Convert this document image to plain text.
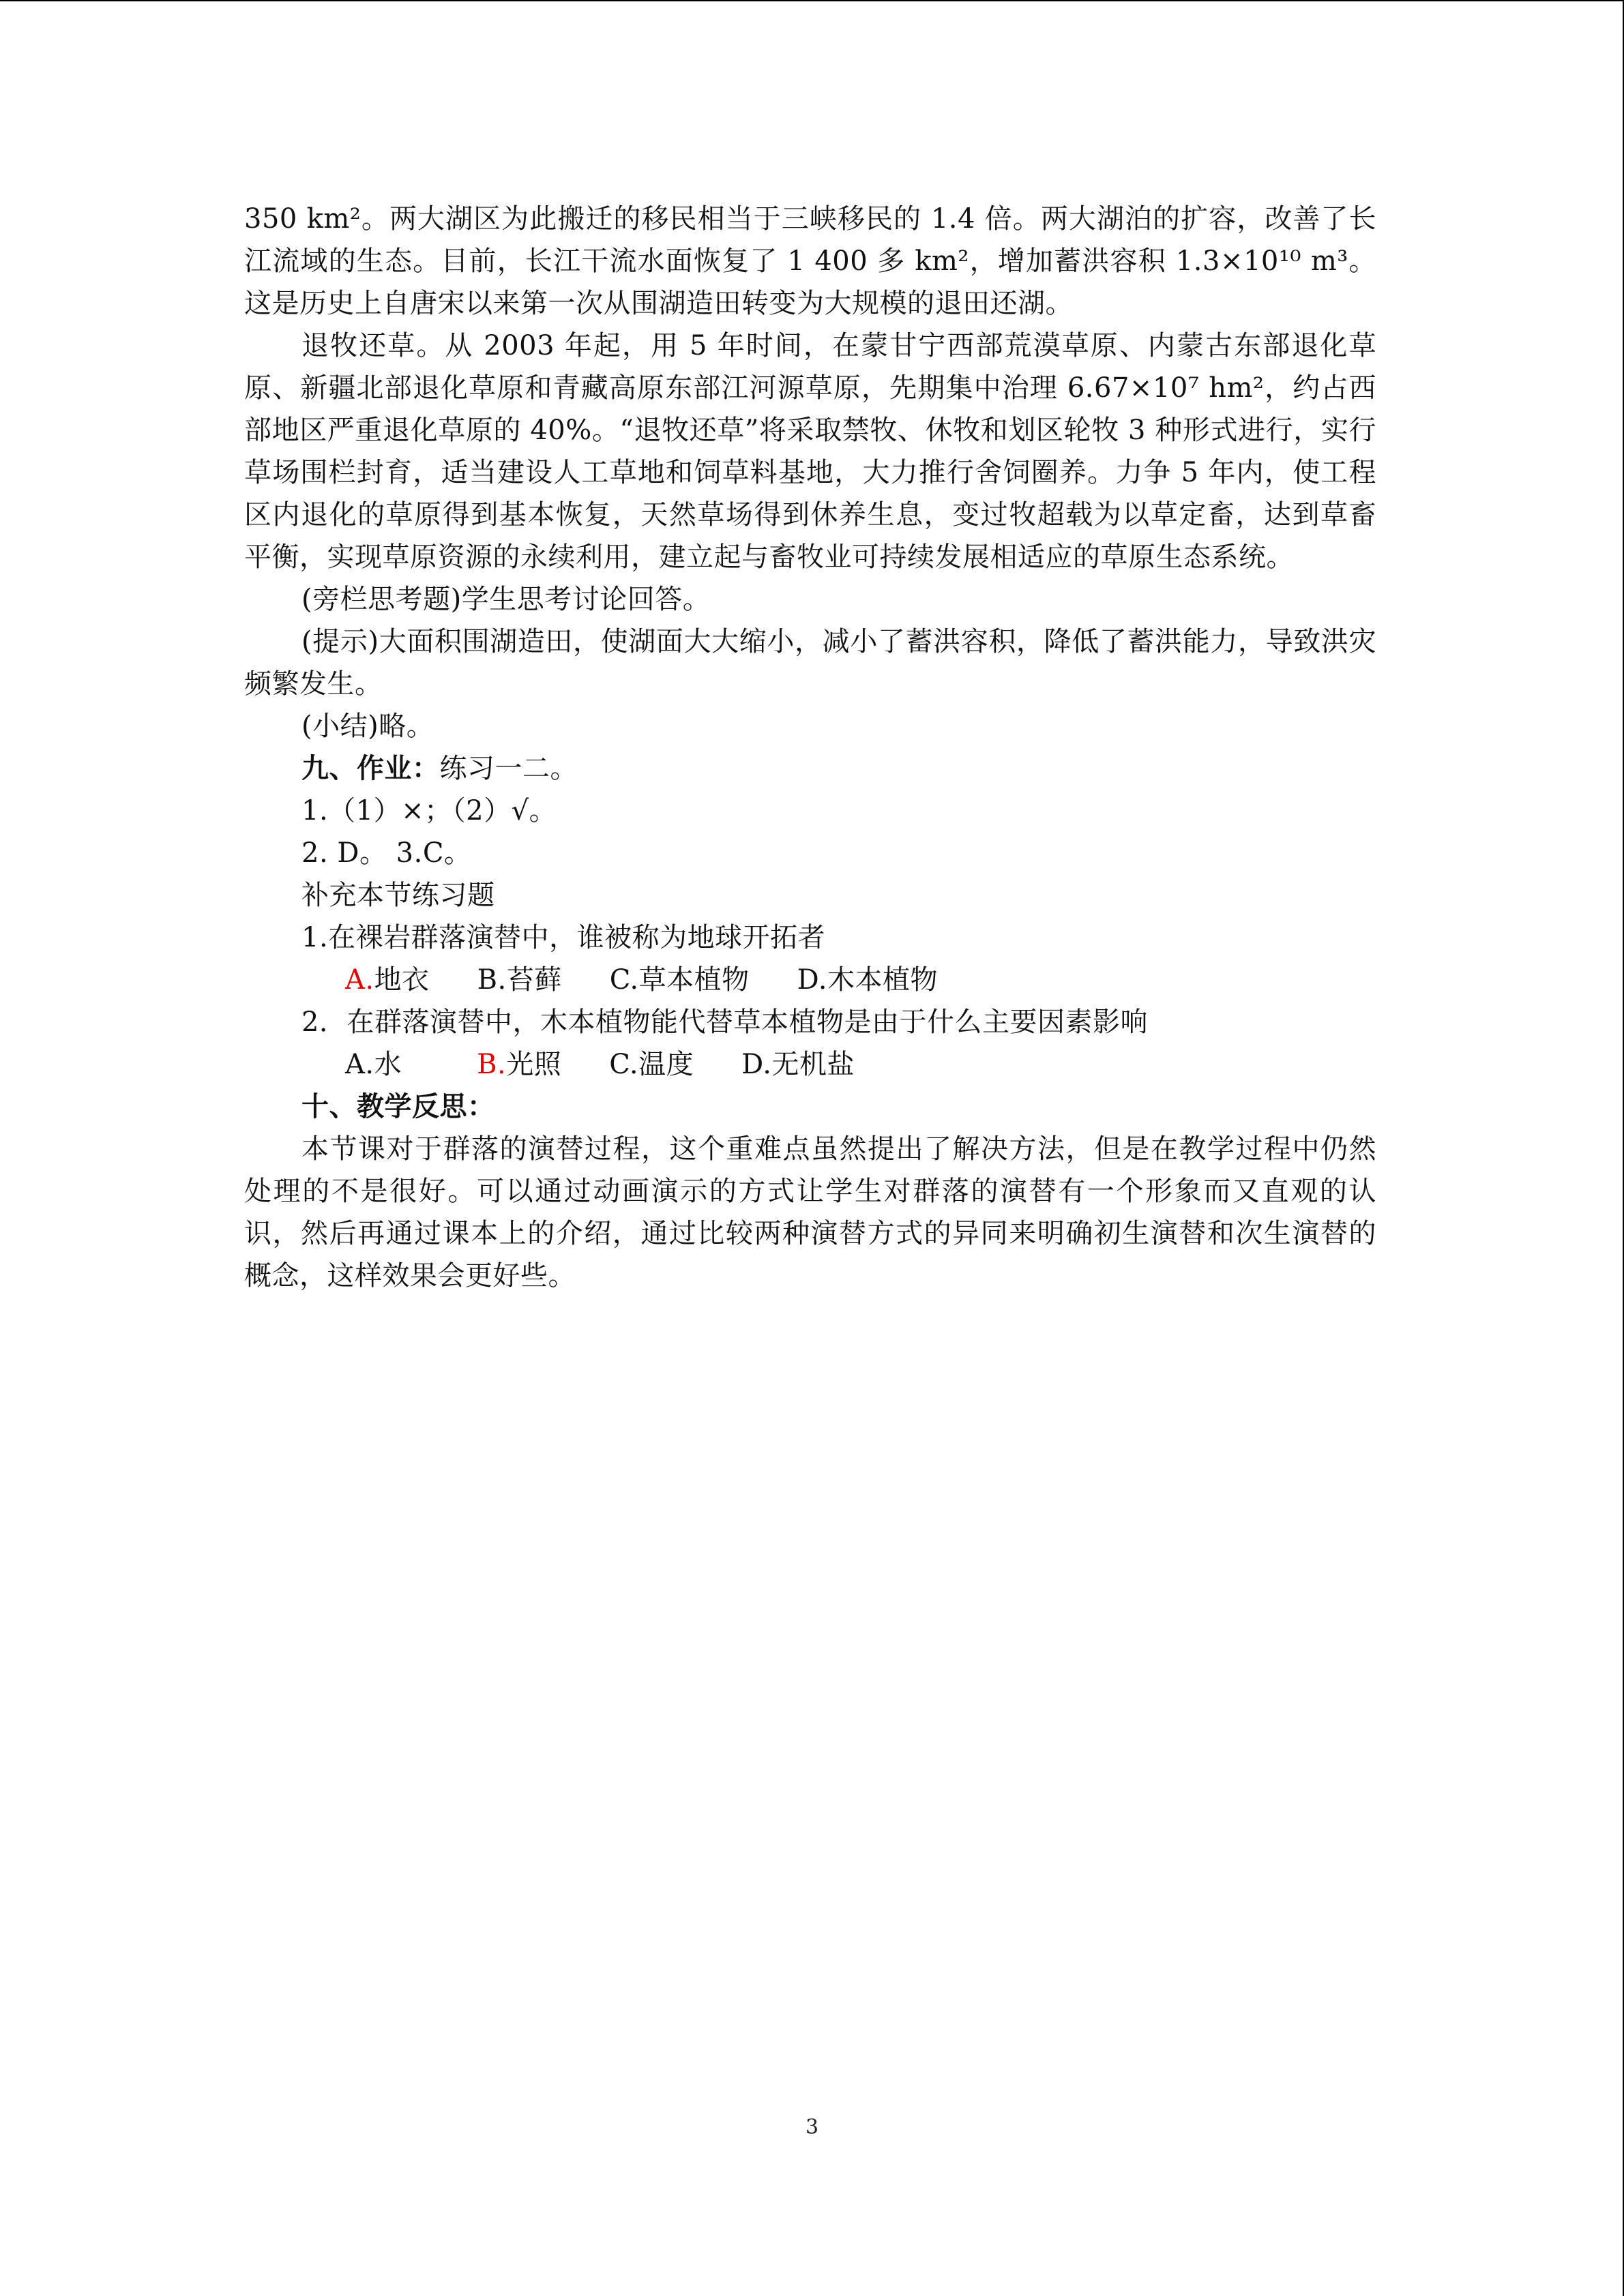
350 km²。两大湖区为此搬迁的移民相当于三峡移民的 1.4 倍。两大湖泊的扩容，改善了长江流域的生态。目前，长江干流水面恢复了 1 400 多 km²，增加蓄洪容积 1.3×10¹⁰ m³。这是历史上自唐宋以来第一次从围湖造田转变为大规模的退田还湖。

退牧还草。从 2003 年起，用 5 年时间，在蒙甘宁西部荒漠草原、内蒙古东部退化草原、新疆北部退化草原和青藏高原东部江河源草原，先期集中治理 6.67×10⁷ hm²，约占西部地区严重退化草原的 40%。“退牧还草”将采取禁牧、休牧和划区轮牧 3 种形式进行，实行草场围栏封育，适当建设人工草地和饲草料基地，大力推行舍饲圈养。力争 5 年内，使工程区内退化的草原得到基本恢复，天然草场得到休养生息，变过牧超载为以草定畜，达到草畜平衡，实现草原资源的永续利用，建立起与畜牧业可持续发展相适应的草原生态系统。

(旁栏思考题)学生思考讨论回答。

(提示)大面积围湖造田，使湖面大大缩小，减小了蓄洪容积，降低了蓄洪能力，导致洪灾频繁发生。

(小结)略。

九、作业：练习一二。

1.（1）×；（2）√。

2. D。 3.C。

补充本节练习题

1.在裸岩群落演替中，谁被称为地球开拓者

A.地衣 B.苔藓 C.草本植物 D.木本植物

2．在群落演替中，木本植物能代替草本植物是由于什么主要因素影响

A.水	B.光照 C.温度 D.无机盐

十、教学反思：

本节课对于群落的演替过程，这个重难点虽然提出了解决方法，但是在教学过程中仍然处理的不是很好。可以通过动画演示的方式让学生对群落的演替有一个形象而又直观的认识，然后再通过课本上的介绍，通过比较两种演替方式的异同来明确初生演替和次生演替的概念，这样效果会更好些。

3
